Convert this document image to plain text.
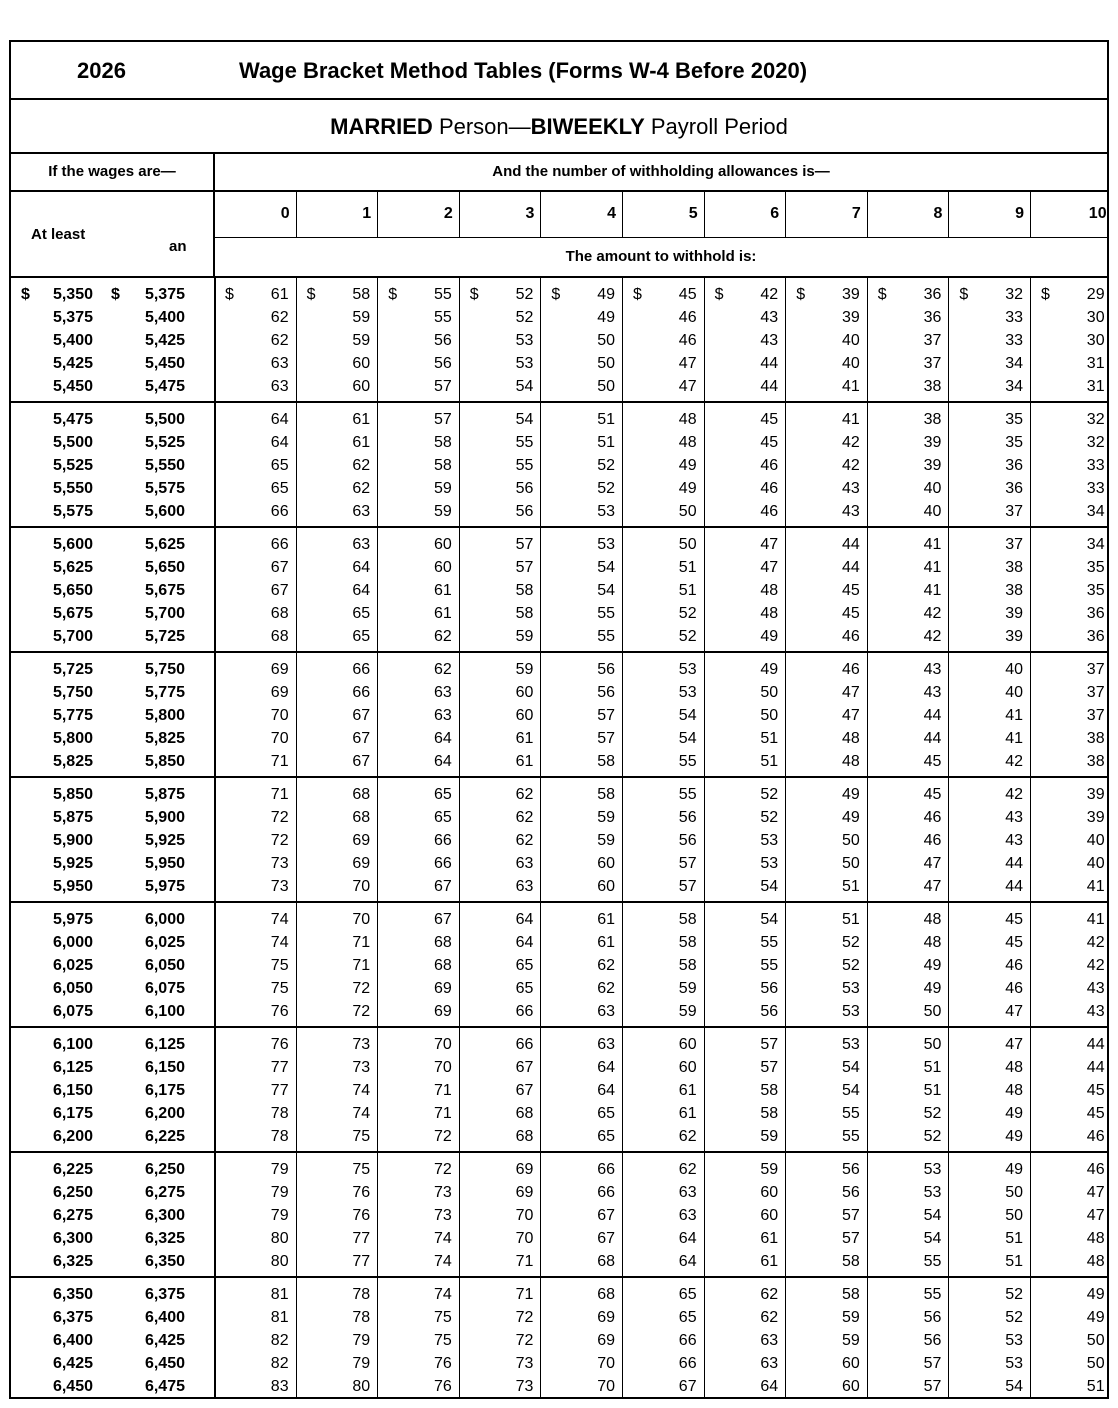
2026	Wage Bracket Method Tables (Forms W-4 Before 2020)
MARRIED Person—BIWEEKLY Payroll Period
If the wages are—	And the number of withholding allowances is—
At least
an
0	1	2	3	4	5	6	7	8	9	10
The amount to withhold is:
$	$
5,350	5,375	$	61 $	58 $	55 $	52 $	49 $	45 $	42 $	39 $	36 $	32 $	29
5,375	5,400	62	59	55	52	49	46	43	39	36	33	30
5,400	5,425	62	59	56	53	50	46	43	40	37	33	30
5,425	5,450	63	60	56	53	50	47	44	40	37	34	31
5,450	5,475	63	60	57	54	50	47	44	41	38	34	31
5,475	5,500	64	61	57	54	51	48	45	41	38	35	32
5,500	5,525	64	61	58	55	51	48	45	42	39	35	32
5,525	5,550	65	62	58	55	52	49	46	42	39	36	33
5,550	5,575	65	62	59	56	52	49	46	43	40	36	33
5,575	5,600	66	63	59	56	53	50	46	43	40	37	34
5,600	5,625	66	63	60	57	53	50	47	44	41	37	34
5,625	5,650	67	64	60	57	54	51	47	44	41	38	35
5,650	5,675	67	64	61	58	54	51	48	45	41	38	35
5,675	5,700	68	65	61	58	55	52	48	45	42	39	36
5,700	5,725	68	65	62	59	55	52	49	46	42	39	36
5,725	5,750	69	66	62	59	56	53	49	46	43	40	37
5,750	5,775	69	66	63	60	56	53	50	47	43	40	37
5,775	5,800	70	67	63	60	57	54	50	47	44	41	37
5,800	5,825	70	67	64	61	57	54	51	48	44	41	38
5,825	5,850	71	67	64	61	58	55	51	48	45	42	38
5,850	5,875	71	68	65	62	58	55	52	49	45	42	39
5,875	5,900	72	68	65	62	59	56	52	49	46	43	39
5,900	5,925	72	69	66	62	59	56	53	50	46	43	40
5,925	5,950	73	69	66	63	60	57	53	50	47	44	40
5,950	5,975	73	70	67	63	60	57	54	51	47	44	41
5,975	6,000	74	70	67	64	61	58	54	51	48	45	41
6,000	6,025	74	71	68	64	61	58	55	52	48	45	42
6,025	6,050	75	71	68	65	62	58	55	52	49	46	42
6,050	6,075	75	72	69	65	62	59	56	53	49	46	43
6,075	6,100	76	72	69	66	63	59	56	53	50	47	43
6,100	6,125	76	73	70	66	63	60	57	53	50	47	44
6,125	6,150	77	73	70	67	64	60	57	54	51	48	44
6,150	6,175	77	74	71	67	64	61	58	54	51	48	45
6,175	6,200	78	74	71	68	65	61	58	55	52	49	45
6,200	6,225	78	75	72	68	65	62	59	55	52	49	46
6,225	6,250	79	75	72	69	66	62	59	56	53	49	46
6,250	6,275	79	76	73	69	66	63	60	56	53	50	47
6,275	6,300	79	76	73	70	67	63	60	57	54	50	47
6,300	6,325	80	77	74	70	67	64	61	57	54	51	48
6,325	6,350	80	77	74	71	68	64	61	58	55	51	48
6,350	6,375	81	78	74	71	68	65	62	58	55	52	49
6,375	6,400	81	78	75	72	69	65	62	59	56	52	49
6,400	6,425	82	79	75	72	69	66	63	59	56	53	50
6,425	6,450	82	79	76	73	70	66	63	60	57	53	50
6,450	6,475	83	80	76	73	70	67	64	60	57	54	51
